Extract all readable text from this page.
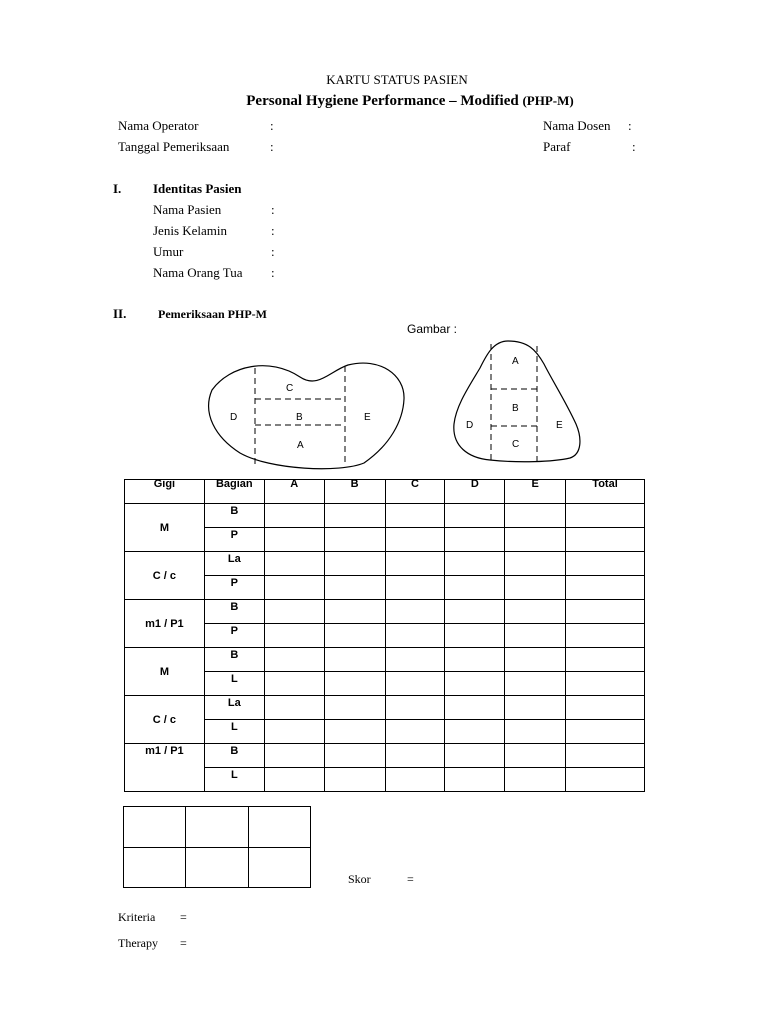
KARTU STATUS PASIEN
Personal Hygiene Performance – Modified (PHP-M)
Nama Operator	:
Tanggal Pemeriksaan	:
Nama Dosen :
Paraf	:
I. Identitas Pasien
Nama Pasien	:
Jenis Kelamin	:
Umur	:
Nama Orang Tua :
II.	Pemeriksaan PHP-M
Gambar :
C
D	B	E
A
A
B
D	E
C
Gigi	Bagian	A	B	C	D	E	Total

M	B						

	P						

C / c	La						

	P						

m1 / P1	B						

	P						

M	B						

	L						

C / c	La						

	L						

m1 / P1	B						

	L						

Skor	=
Kriteria =
Therapy =
